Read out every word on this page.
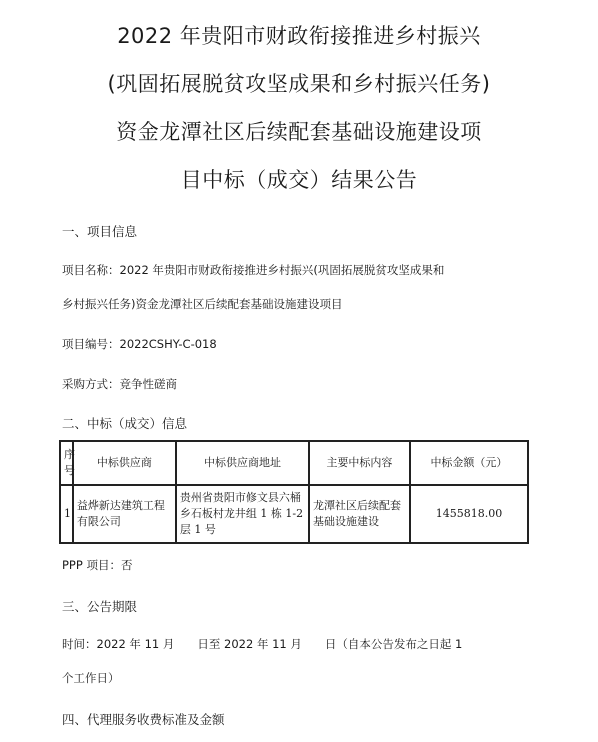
2022 年贵阳市财政衔接推进乡村振兴
(巩固拓展脱贫攻坚成果和乡村振兴任务)
资金龙潭社区后续配套基础设施建设项
目中标（成交）结果公告
一、项目信息
项目名称：2022 年贵阳市财政衔接推进乡村振兴(巩固拓展脱贫攻坚成果和
乡村振兴任务)资金龙潭社区后续配套基础设施建设项目
项目编号：2022CSHY-C-018
采购方式：竞争性磋商
二、中标（成交）信息
序号	中标供应商	中标供应商地址	主要中标内容	中标金额（元）
1	益烨新达建筑工程有限公司	贵州省贵阳市修文县六桶乡石板村龙井组 1 栋 1-2 层 1 号	龙潭社区后续配套基础设施建设	1455818.00
PPP 项目：否
三、公告期限
时间：2022 年 11 月　　日至 2022 年 11 月　　日（自本公告发布之日起 1
个工作日）
四、代理服务收费标准及金额
